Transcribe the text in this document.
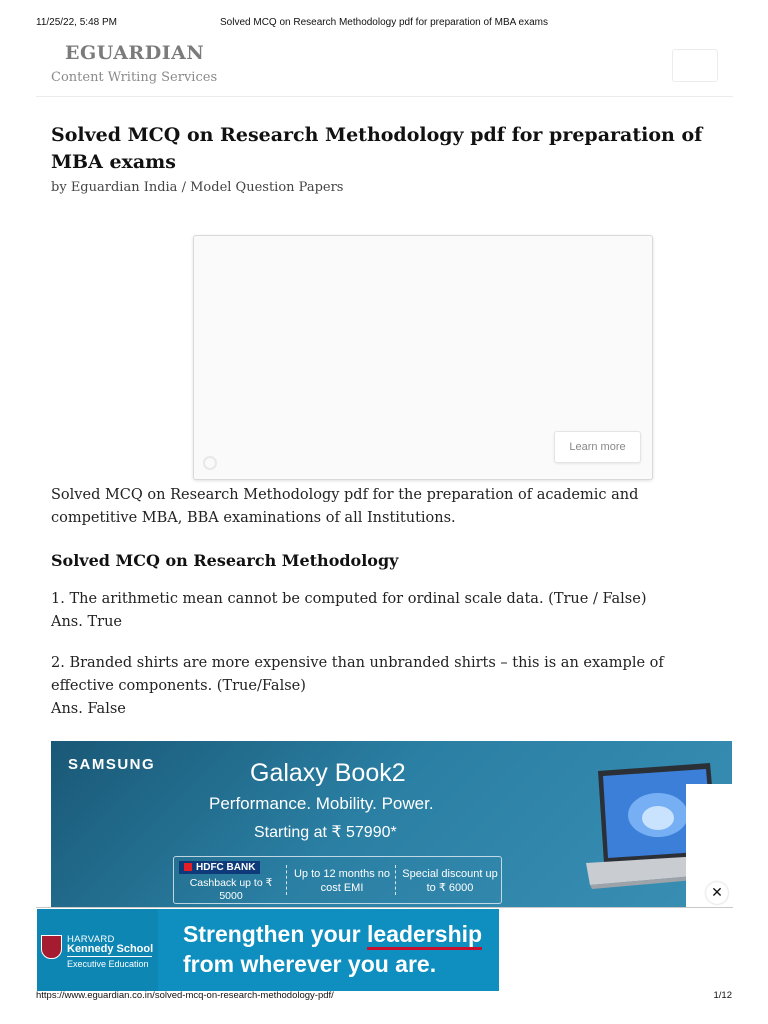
11/25/22, 5:48 PM	Solved MCQ on Research Methodology pdf for preparation of MBA exams
EGUARDIAN
Content Writing Services
Solved MCQ on Research Methodology pdf for preparation of MBA exams
by Eguardian India / Model Question Papers
Learn more

Solved MCQ on Research Methodology pdf for the preparation of academic and competitive MBA, BBA examinations of all Institutions.

Solved MCQ on Research Methodology
1. The arithmetic mean cannot be computed for ordinal scale data. (True / False)
Ans. True
2. Branded shirts are more expensive than unbranded shirts – this is an example of effective components. (True/False)
Ans. False
SAMSUNG	Galaxy Book2
Performance. Mobility. Power.
Starting at ₹ 57990*
HDFC BANK
Cashback up to ₹ 5000
Up to 12 months no cost EMI
Special discount up to ₹ 6000	✕
HARVARD
Kennedy School
Executive Education
Strengthen your leadership
from wherever you are.
https://www.eguardian.co.in/solved-mcq-on-research-methodology-pdf/	1/12
